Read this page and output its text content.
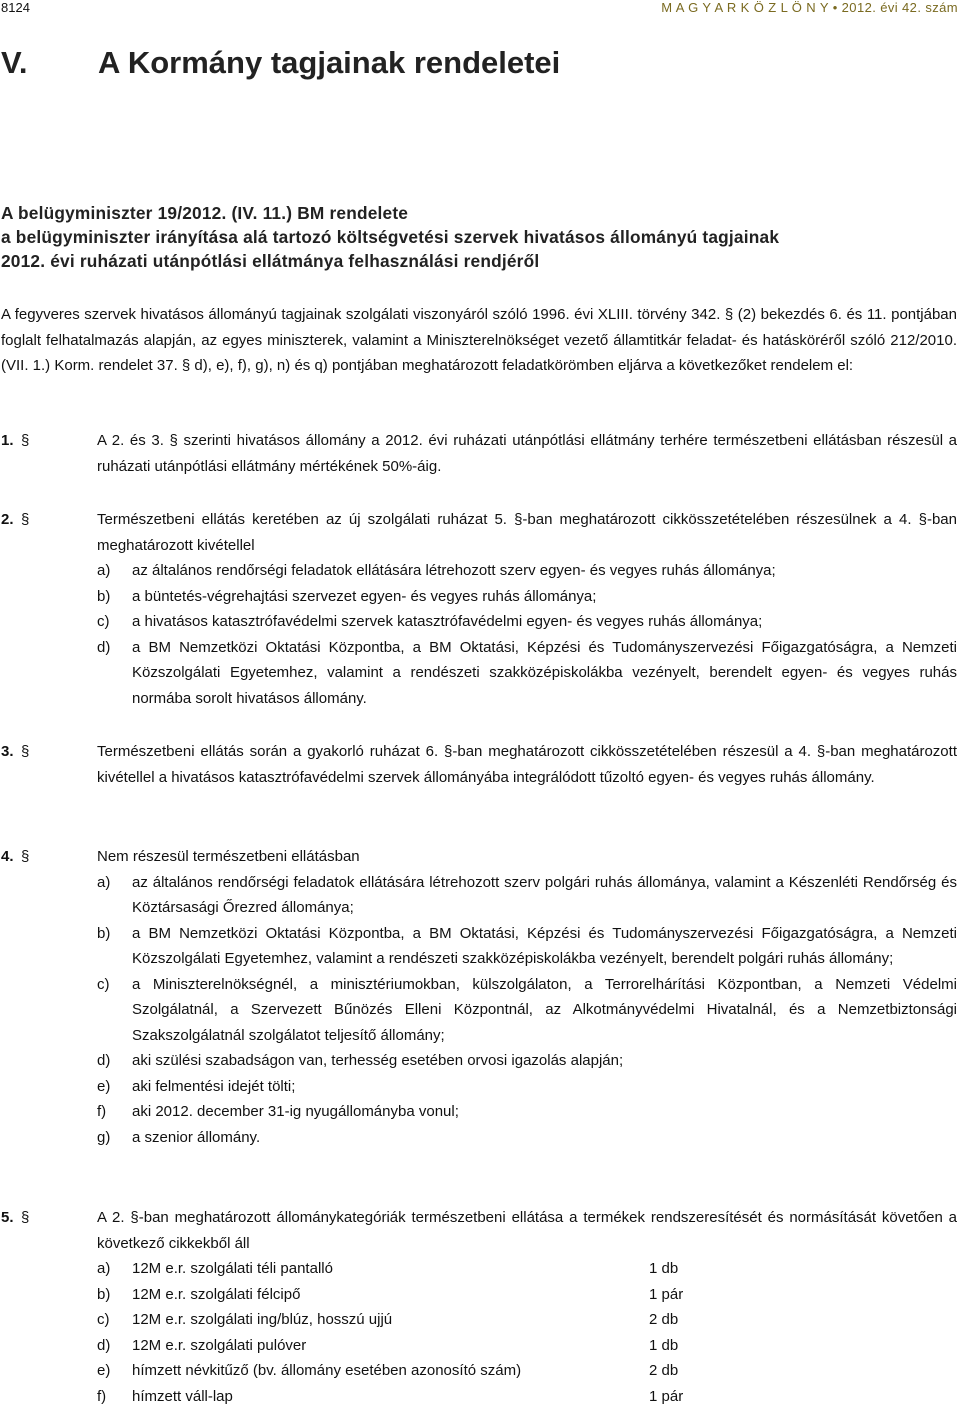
8124	M A G Y A R K Ö Z L Ö N Y • 2012. évi 42. szám
V. A Kormány tagjainak rendeletei
A belügyminiszter 19/2012. (IV. 11.) BM rendelete
a belügyminiszter irányítása alá tartozó költségvetési szervek hivatásos állományú tagjainak
2012. évi ruházati utánpótlási ellátmánya felhasználási rendjéről
A fegyveres szervek hivatásos állományú tagjainak szolgálati viszonyáról szóló 1996. évi XLIII. törvény 342. § (2) bekezdés 6. és 11. pontjában foglalt felhatalmazás alapján, az egyes miniszterek, valamint a Miniszterelnökséget vezető államtitkár feladat- és hatásköréről szóló 212/2010. (VII. 1.) Korm. rendelet 37. § d), e), f), g), n) és q) pontjában meghatározott feladatkörömben eljárva a következőket rendelem el:
1. §	A 2. és 3. § szerinti hivatásos állomány a 2012. évi ruházati utánpótlási ellátmány terhére természetbeni ellátásban részesül a ruházati utánpótlási ellátmány mértékének 50%-áig.
2. §	Természetbeni ellátás keretében az új szolgálati ruházat 5. §-ban meghatározott cikkösszetételében részesülnek a 4. §-ban meghatározott kivétellel
a) az általános rendőrségi feladatok ellátására létrehozott szerv egyen- és vegyes ruhás állománya;
b) a büntetés-végrehajtási szervezet egyen- és vegyes ruhás állománya;
c) a hivatásos katasztrófavédelmi szervek katasztrófavédelmi egyen- és vegyes ruhás állománya;
d) a BM Nemzetközi Oktatási Központba, a BM Oktatási, Képzési és Tudományszervezési Főigazgatóságra, a Nemzeti Közszolgálati Egyetemhez, valamint a rendészeti szakközépiskolákba vezényelt, berendelt egyen- és vegyes ruhás normába sorolt hivatásos állomány.
3. §	Természetbeni ellátás során a gyakorló ruházat 6. §-ban meghatározott cikkösszetételében részesül a 4. §-ban meghatározott kivétellel a hivatásos katasztrófavédelmi szervek állományába integrálódott tűzoltó egyen- és vegyes ruhás állomány.
4. §	Nem részesül természetbeni ellátásban
a) az általános rendőrségi feladatok ellátására létrehozott szerv polgári ruhás állománya, valamint a Készenléti Rendőrség és Köztársasági Őrezred állománya;
b) a BM Nemzetközi Oktatási Központba, a BM Oktatási, Képzési és Tudományszervezési Főigazgatóságra, a Nemzeti Közszolgálati Egyetemhez, valamint a rendészeti szakközépiskolákba vezényelt, berendelt polgári ruhás állomány;
c) a Miniszterelnökségnél, a minisztériumokban, külszolgálaton, a Terrorelhárítási Központban, a Nemzeti Védelmi Szolgálatnál, a Szervezett Bűnözés Elleni Központnál, az Alkotmányvédelmi Hivatalnál, és a Nemzetbiztonsági Szakszolgálatnál szolgálatot teljesítő állomány;
d) aki szülési szabadságon van, terhesség esetében orvosi igazolás alapján;
e) aki felmentési idejét tölti;
f) aki 2012. december 31-ig nyugállományba vonul;
g) a szenior állomány.
5. §	A 2. §-ban meghatározott állománykategóriák természetbeni ellátása a termékek rendszeresítését és normásítását követően a következő cikkekből áll
a) 12M e.r. szolgálati téli pantalló	1 db
b) 12M e.r. szolgálati félcipő	1 pár
c) 12M e.r. szolgálati ing/blúz, hosszú ujjú	2 db
d) 12M e.r. szolgálati pulóver	1 db
e) hímzett névkitűző (bv. állomány esetében azonosító szám)	2 db
f) hímzett váll-lap	1 pár
